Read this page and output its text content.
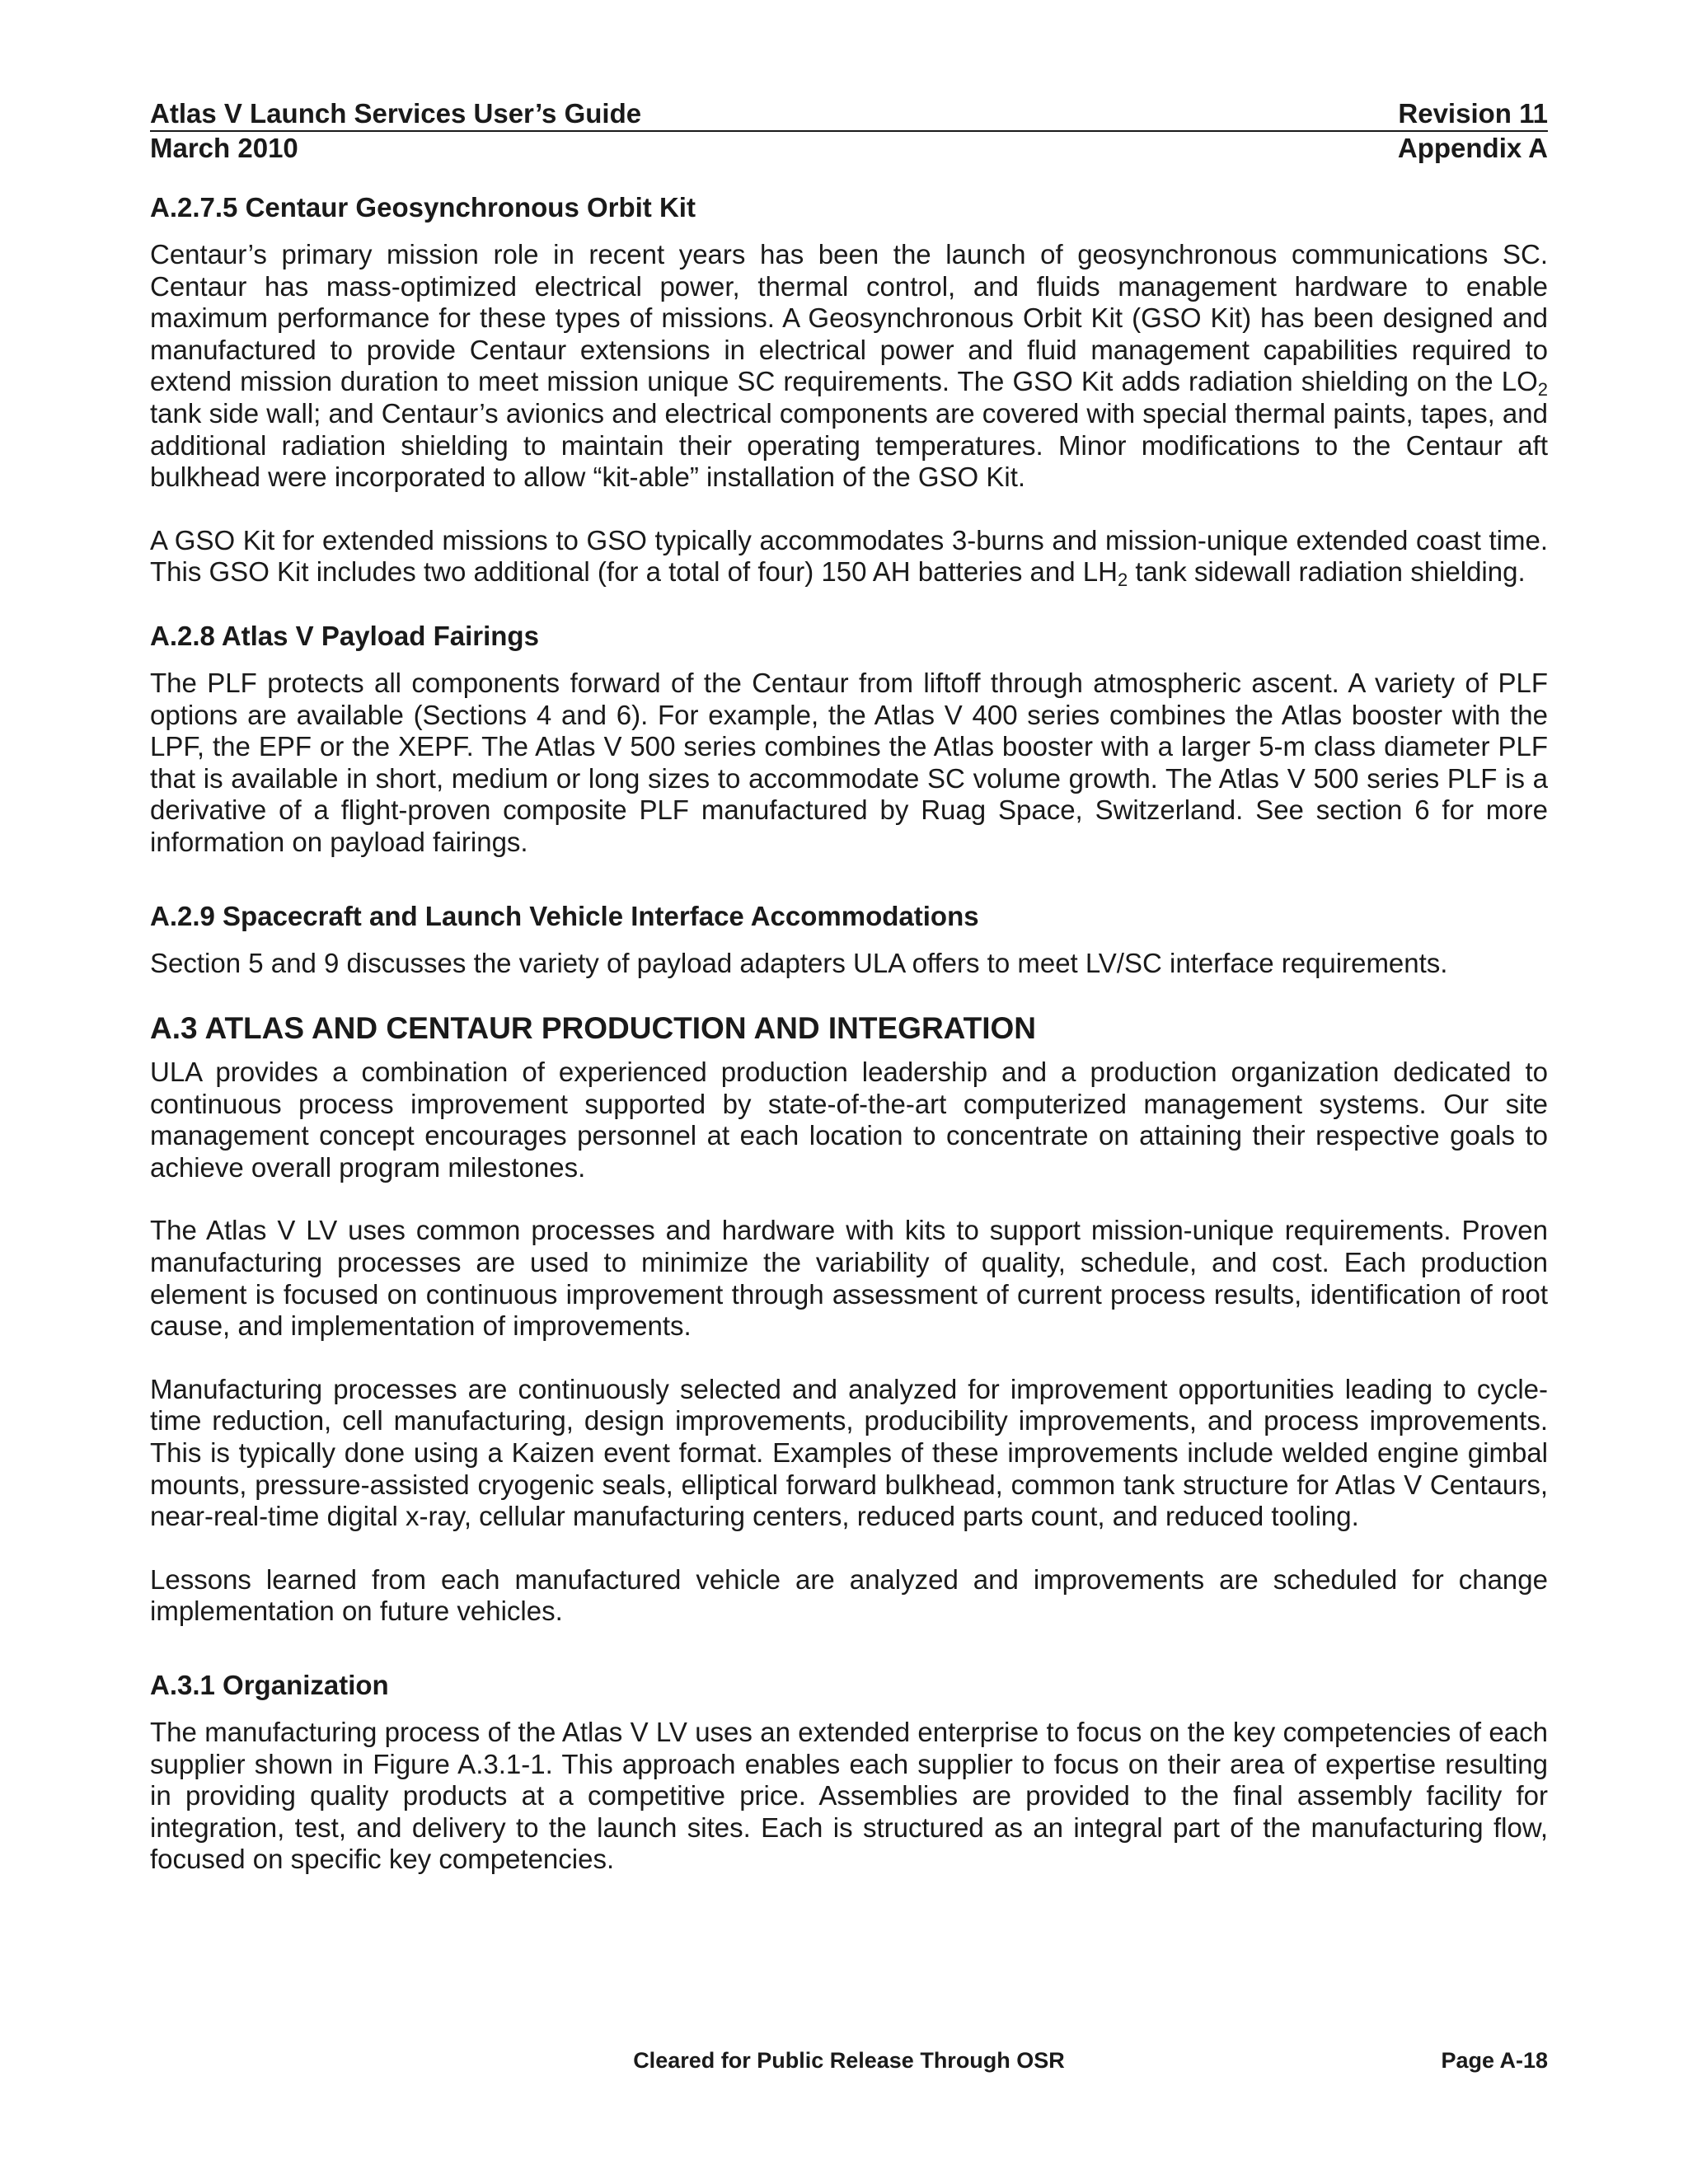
Atlas V Launch Services User’s Guide	Revision 11
March 2010	Appendix A
A.2.7.5 Centaur Geosynchronous Orbit Kit

Centaur’s primary mission role in recent years has been the launch of geosynchronous communications SC. Centaur has mass-optimized electrical power, thermal control, and fluids management hardware to enable maximum performance for these types of missions. A Geosynchronous Orbit Kit (GSO Kit) has been designed and manufactured to provide Centaur extensions in electrical power and fluid management capabilities required to extend mission duration to meet mission unique SC requirements. The GSO Kit adds radiation shielding on the $LO_2$ tank side wall; and Centaur’s avionics and electrical components are covered with special thermal paints, tapes, and additional radiation shielding to maintain their operating temperatures. Minor modifications to the Centaur aft bulkhead were incorporated to allow “kit-able” installation of the GSO Kit.

A GSO Kit for extended missions to GSO typically accommodates 3-burns and mission-unique extended coast time. This GSO Kit includes two additional (for a total of four) 150 AH batteries and $LH_2$ tank sidewall radiation shielding.

A.2.8 Atlas V Payload Fairings

The PLF protects all components forward of the Centaur from liftoff through atmospheric ascent. A variety of PLF options are available (Sections 4 and 6). For example, the Atlas V 400 series combines the Atlas booster with the LPF, the EPF or the XEPF. The Atlas V 500 series combines the Atlas booster with a larger 5-m class diameter PLF that is available in short, medium or long sizes to accommodate SC volume growth. The Atlas V 500 series PLF is a derivative of a flight-proven composite PLF manufactured by Ruag Space, Switzerland. See section 6 for more information on payload fairings.

A.2.9 Spacecraft and Launch Vehicle Interface Accommodations

Section 5 and 9 discusses the variety of payload adapters ULA offers to meet LV/SC interface requirements.

A.3 ATLAS AND CENTAUR PRODUCTION AND INTEGRATION

ULA provides a combination of experienced production leadership and a production organization dedicated to continuous process improvement supported by state-of-the-art computerized management systems. Our site management concept encourages personnel at each location to concentrate on attaining their respective goals to achieve overall program milestones.

The Atlas V LV uses common processes and hardware with kits to support mission-unique requirements. Proven manufacturing processes are used to minimize the variability of quality, schedule, and cost. Each production element is focused on continuous improvement through assessment of current process results, identification of root cause, and implementation of improvements.

Manufacturing processes are continuously selected and analyzed for improvement opportunities leading to cycle-time reduction, cell manufacturing, design improvements, producibility improvements, and process improvements. This is typically done using a Kaizen event format. Examples of these improvements include welded engine gimbal mounts, pressure-assisted cryogenic seals, elliptical forward bulkhead, common tank structure for Atlas V Centaurs, near-real-time digital x-ray, cellular manufacturing centers, reduced parts count, and reduced tooling.

Lessons learned from each manufactured vehicle are analyzed and improvements are scheduled for change implementation on future vehicles.

A.3.1 Organization

The manufacturing process of the Atlas V LV uses an extended enterprise to focus on the key competencies of each supplier shown in Figure A.3.1-1. This approach enables each supplier to focus on their area of expertise resulting in providing quality products at a competitive price. Assemblies are provided to the final assembly facility for integration, test, and delivery to the launch sites. Each is structured as an integral part of the manufacturing flow, focused on specific key competencies.

Cleared for Public Release Through OSR	Page A-18
